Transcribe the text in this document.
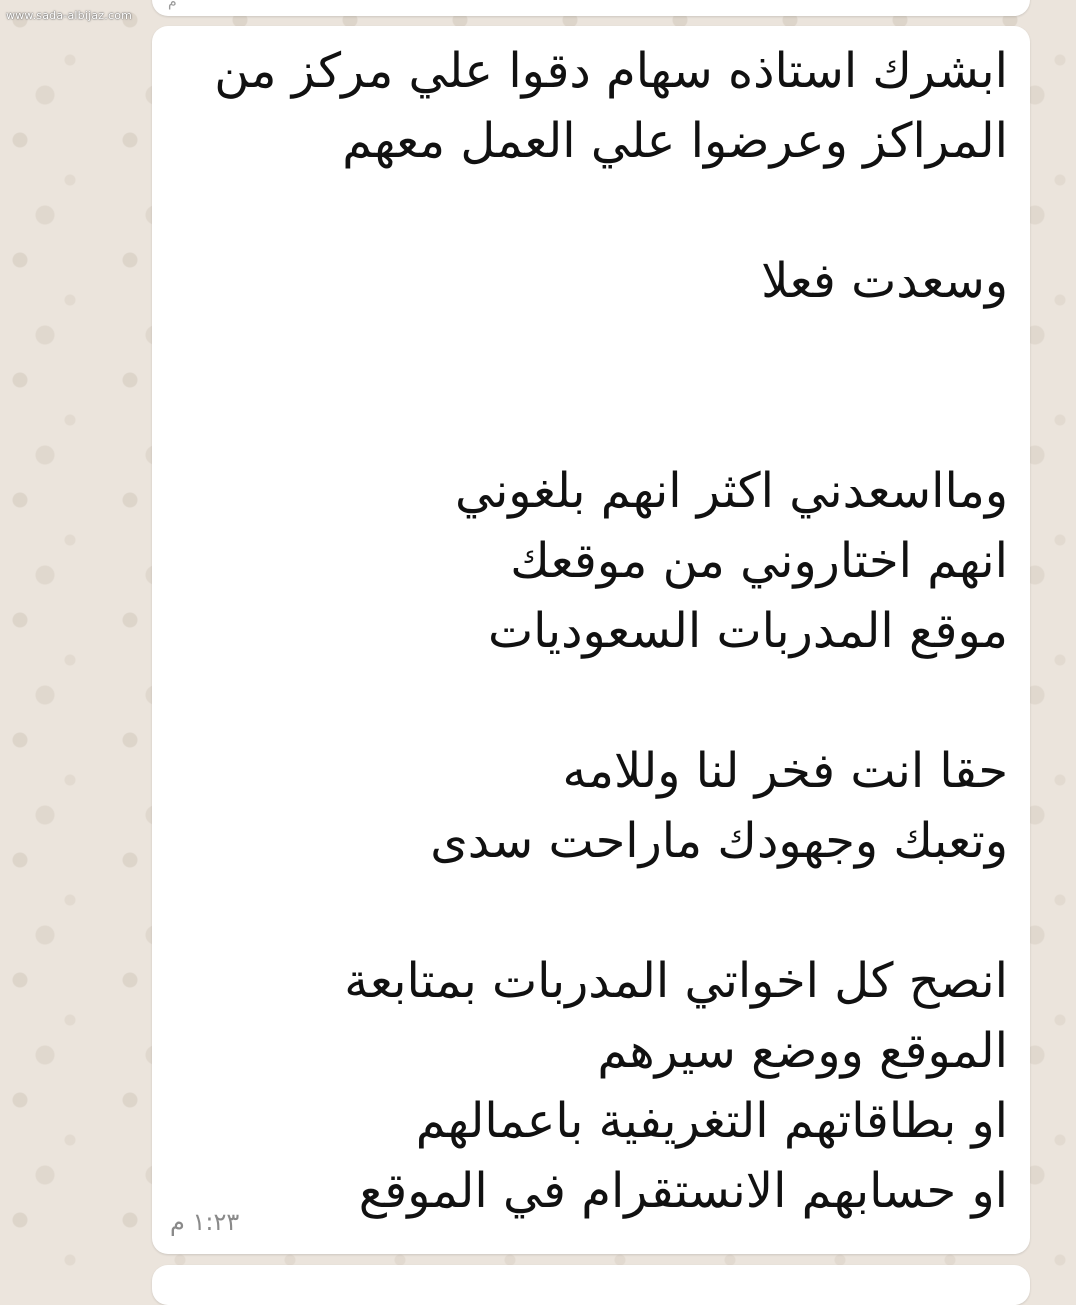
www.sada-albijaz.com
م
ابشرك استاذه سهام دقوا علي مركز من
المراكز وعرضوا علي العمل معهم

وسعدت فعلا

ومااسعدني اكثر انهم بلغوني
انهم اختاروني من موقعك
موقع المدربات السعوديات

حقا انت فخر لنا وللامه
وتعبك وجهودك ماراحت سدى

انصح كل اخواتي المدربات بمتابعة
الموقع ووضع سيرهم
او بطاقاتهم التغريفية باعمالهم
او حسابهم الانستقرام في الموقع
١:٢٣ م
